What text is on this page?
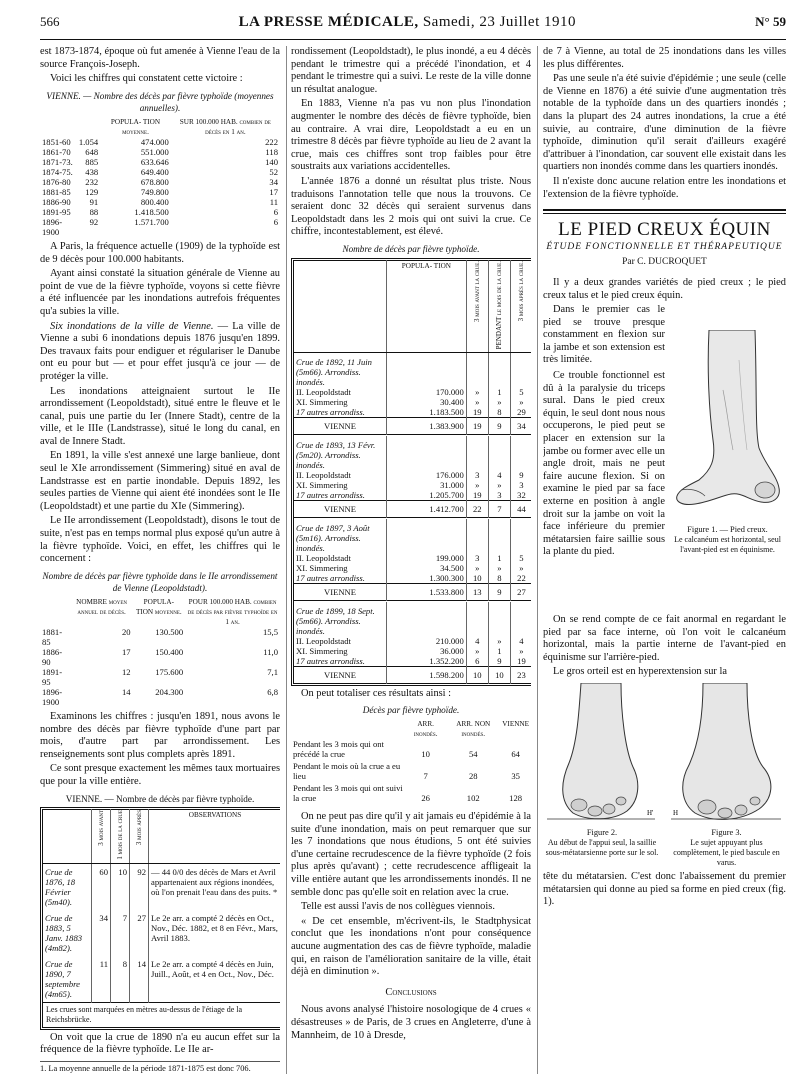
566	LA PRESSE MÉDICALE, Samedi, 23 Juillet 1910	N° 59

est 1873-1874, époque où fut amenée à Vienne l'eau de la source François-Joseph.

Voici les chiffres qui constatent cette victoire :

VIENNE. — Nombre des décès par fièvre typhoïde (moyennes annuelles).
		POPULA- TION moyenne.	SUR 100.000 HAB. combien de décès en 1 an.
1851-60	1.054	474.000	222
1861-70	648	551.000	118
1871-73.	885	633.646	140
1874-75.	438	649.400	52
1876-80	232	678.800	34
1881-85	129	749.800	17
1886-90	91	800.400	11
1891-95	88	1.418.500	6
1896-1900	92	1.571.700	6

A Paris, la fréquence actuelle (1909) de la typhoïde est de 9 décès pour 100.000 habitants.

Ayant ainsi constaté la situation générale de Vienne au point de vue de la fièvre typhoïde, voyons si cette fièvre a été influencée par les inondations autrefois fréquentes qu'a subies la ville.

Six inondations de la ville de Vienne. — La ville de Vienne a subi 6 inondations depuis 1876 jusqu'en 1899. Des travaux faits pour endiguer et régulariser le Danube ont eu pour but — et pour effet jusqu'à ce jour — de protéger la ville.

Les inondations atteignaient surtout le IIe arrondissement (Leopoldstadt), situé entre le fleuve et le canal, puis une partie du Ier (Innere Stadt), centre de la ville, et le IIIe (Landstrasse), situé le long du canal, en aval de Innere Stadt.

En 1891, la ville s'est annexé une large banlieue, dont seul le XIe arrondissement (Simmering) situé en aval de Landstrasse est en partie inondable. Depuis 1892, les seules parties de Vienne qui aient été inondées sont le IIe (Leopoldstadt) et une partie du XIe (Simmering).

Le IIe arrondissement (Leopoldstadt), disons le tout de suite, n'est pas en temps normal plus exposé qu'un autre à la fièvre typhoïde. Voici, en effet, les chiffres qui le concernent :

Nombre de décès par fièvre typhoïde dans le IIe arrondissement de Vienne (Leopoldstadt).
	NOMBRE moyen annuel de décès.	POPULA- TION moyenne.	POUR 100.000 HAB. combien de décès par fièvre typhoïde en 1 an.
1881-85	20	130.500	15,5
1886-90	17	150.400	11,0
1891-95	12	175.600	7,1
1896-1900	14	204.300	6,8

Examinons les chiffres : jusqu'en 1891, nous avons le nombre des décès par fièvre typhoïde d'une part par mois, d'autre part par arrondissement. Les renseignements sont plus complets après 1891.

Ce sont presque exactement les mêmes taux mortuaires que pour la ville entière.

VIENNE. — Nombre de décès par fièvre typhoïde.
	3 mois avant	1 mois de la crue	3 mois après	OBSERVATIONS
Crue de 1876, 18 Février (5m40).	60	10	92	— 44 0/0 des décès de Mars et Avril appartenaient aux régions inondées, où l'on prenait l'eau dans des puits. *
Crue de 1883, 5 Janv. 1883 (4m82).	34	7	27	Le 2e arr. a compté 2 décès en Oct., Nov., Déc. 1882, et 8 en Févr., Mars, Avril 1883.
Crue de 1890, 7 septembre (4m65).	11	8	14	Le 2e arr. a compté 4 décès en Juin, Juill., Août, et 4 en Oct., Nov., Déc.
Les crues sont marquées en mètres au-dessus de l'étiage de la Reichsbrücke.				

On voit que la crue de 1890 n'a eu aucun effet sur la fréquence de la fièvre typhoïde. Le IIe ar-

1. La moyenne annuelle de la période 1871-1875 est donc 706.

rondissement (Leopoldstadt), le plus inondé, a eu 4 décès pendant le trimestre qui a précédé l'inondation, et 4 pendant le trimestre qui a suivi. Le reste de la ville donne un résultat analogue.

En 1883, Vienne n'a pas vu non plus l'inondation augmenter le nombre des décès de fièvre typhoïde, bien au contraire. A vrai dire, Leopoldstadt a eu en un trimestre 8 décès par fièvre typhoïde au lieu de 2 avant la crue, mais ces chiffres sont trop faibles pour être soustraits aux variations accidentelles.

L'année 1876 a donné un résultat plus triste. Nous traduisons l'annotation telle que nous la trouvons. Ce seraient donc 32 décès qui seraient survenus dans Leopoldstadt dans les 2 mois qui ont suivi la crue. Ce chiffre, incontestablement, est élevé.

Nombre de décès par fièvre typhoïde.
	POPULA- TION	3 mois avant la crue.	PENDANT le mois de la crue.	3 mois après la crue.
Crue de 1892, 11 Juin (5m66). Arrondiss. inondés.				
II. Leopoldstadt	170.000	»	1	5
XI. Simmering	30.400	»	»	»
17 autres arrondiss.	1.183.500	19	8	29
VIENNE	1.383.900	19	9	34

Crue de 1893, 13 Févr. (5m20). Arrondiss. inondés.				
II. Leopoldstadt	176.000	3	4	9
XI. Simmering	31.000	»	»	3
17 autres arrondiss.	1.205.700	19	3	32
VIENNE	1.412.700	22	7	44

Crue de 1897, 3 Août (5m16). Arrondiss. inondés.				
II. Leopoldstadt	199.000	3	1	5
XI. Simmering	34.500	»	»	»
17 autres arrondiss.	1.300.300	10	8	22
VIENNE	1.533.800	13	9	27

Crue de 1899, 18 Sept. (5m66). Arrondiss. inondés.				
II. Leopoldstadt	210.000	4	»	4
XI. Simmering	36.000	»	1	»
17 autres arrondiss.	1.352.200	6	9	19
VIENNE	1.598.200	10	10	23

On peut totaliser ces résultats ainsi :

Décès par fièvre typhoïde.
	ARR. inondés.	ARR. NON inondés.	VIENNE
Pendant les 3 mois qui ont précédé la crue	10	54	64
Pendant le mois où la crue a eu lieu	7	28	35
Pendant les 3 mois qui ont suivi la crue	26	102	128

On ne peut pas dire qu'il y ait jamais eu d'épidémie à la suite d'une inondation, mais on peut remarquer que sur les 7 inondations que nous étudions, 5 ont été suivies d'une certaine recrudescence de la fièvre typhoïde (2 fois plus après qu'avant) ; cette recrudescence affligeait la ville entière autant que les arrondissements inondés. Il ne semble donc pas qu'elle soit en relation avec la crue.

Telle est aussi l'avis de nos collègues viennois.

« De cet ensemble, m'écrivent-ils, le Stadtphysicat conclut que les inondations n'ont pour conséquence aucune augmentation des cas de fièvre typhoïde, maladie qui, en raison de l'amélioration sanitaire de la ville, était déjà en diminution ».

Conclusions

Nous avons analysé l'histoire nosologique de 4 crues « désastreuses » de Paris, de 3 crues en Angleterre, d'une à Mannheim, de 10 à Dresde,

de 7 à Vienne, au total de 25 inondations dans les villes les plus différentes.

Pas une seule n'a été suivie d'épidémie ; une seule (celle de Vienne en 1876) a été suivie d'une augmentation très notable de la typhoïde dans un des quartiers inondés ; dans la plupart des 24 autres inondations, la crue a été suivie, au contraire, d'une diminution de la fièvre typhoïde, diminution qu'il serait d'ailleurs exagéré d'attribuer à l'inondation, car souvent elle existait dans les quartiers non inondés comme dans les quartiers inondés.

Il n'existe donc aucune relation entre les inondations et l'extension de la fièvre typhoïde.

LE PIED CREUX ÉQUIN
ÉTUDE FONCTIONNELLE ET THÉRAPEUTIQUE
Par C. DUCROQUET

Il y a deux grandes variétés de pied creux ; le pied creux talus et le pied creux équin.

Dans le premier cas le pied se trouve presque constamment en flexion sur la jambe et son extension est très limitée.

Ce trouble fonctionnel est dû à la paralysie du triceps sural. Dans le pied creux équin, le seul dont nous nous occuperons, le pied peut se placer en extension sur la jambe ou former avec elle un angle droit, mais ne peut faire aucune flexion. Si on examine le pied par sa face externe en position à angle droit sur la jambe on voit la face inférieure du premier métatarsien faire saillie sous la plante du pied.

Figure 1. — Pied creux.
Le calcanéum est horizontal, seul l'avant-pied est en équinisme.

On se rend compte de ce fait anormal en regardant le pied par sa face interne, où l'on voit le calcanéum horizontal, mais la partie interne de l'avant-pied en équinisme sur l'arrière-pied.

Le gros orteil est en hyperextension sur la

H'
Figure 2.
Au début de l'appui seul, la saillie sous-métatarsienne porte sur le sol.
H
Figure 3.
Le sujet appuyant plus complètement, le pied bascule en varus.

tête du métatarsien. C'est donc l'abaissement du premier métatarsien qui donne au pied sa forme en pied creux (fig. 1).
